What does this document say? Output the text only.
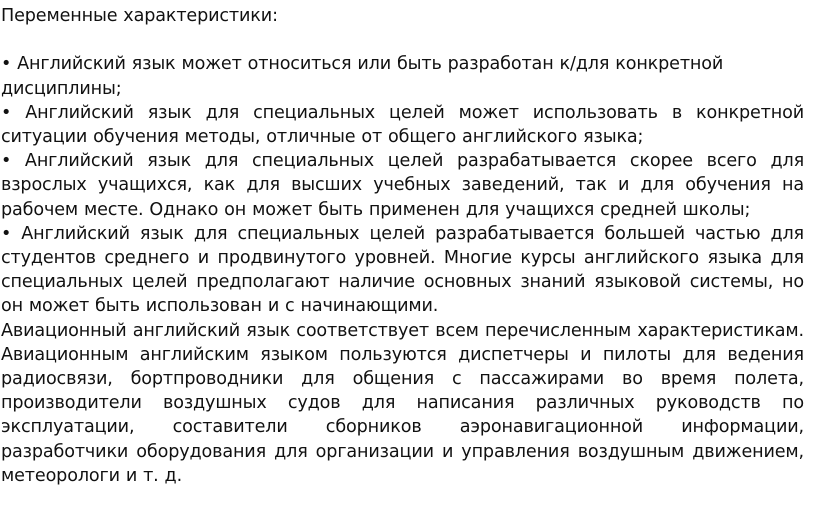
Переменные характеристики:

• Английский язык может относиться или быть разработан к/для конкретной дисциплины;

• Английский язык для специальных целей может использовать в конкретной ситуации обучения методы, отличные от общего английского языка;

• Английский язык для специальных целей разрабатывается скорее всего для взрослых учащихся, как для высших учебных заведений, так и для обучения на рабочем месте. Однако он может быть применен для учащихся средней школы;

• Английский язык для специальных целей разрабатывается большей частью для студентов среднего и продвинутого уровней. Многие курсы английского языка для специальных целей предполагают наличие основных знаний языковой системы, но он может быть использован и с начинающими.

Авиационный английский язык соответствует всем перечисленным характеристикам. Авиационным английским языком пользуются диспетчеры и пилоты для ведения радиосвязи, бортпроводники для общения с пассажирами во время полета, производители воздушных судов для написания различных руководств по эксплуатации, составители сборников аэронавигационной информации, разработчики оборудования для организации и управления воздушным движением, метеорологи и т. д.
